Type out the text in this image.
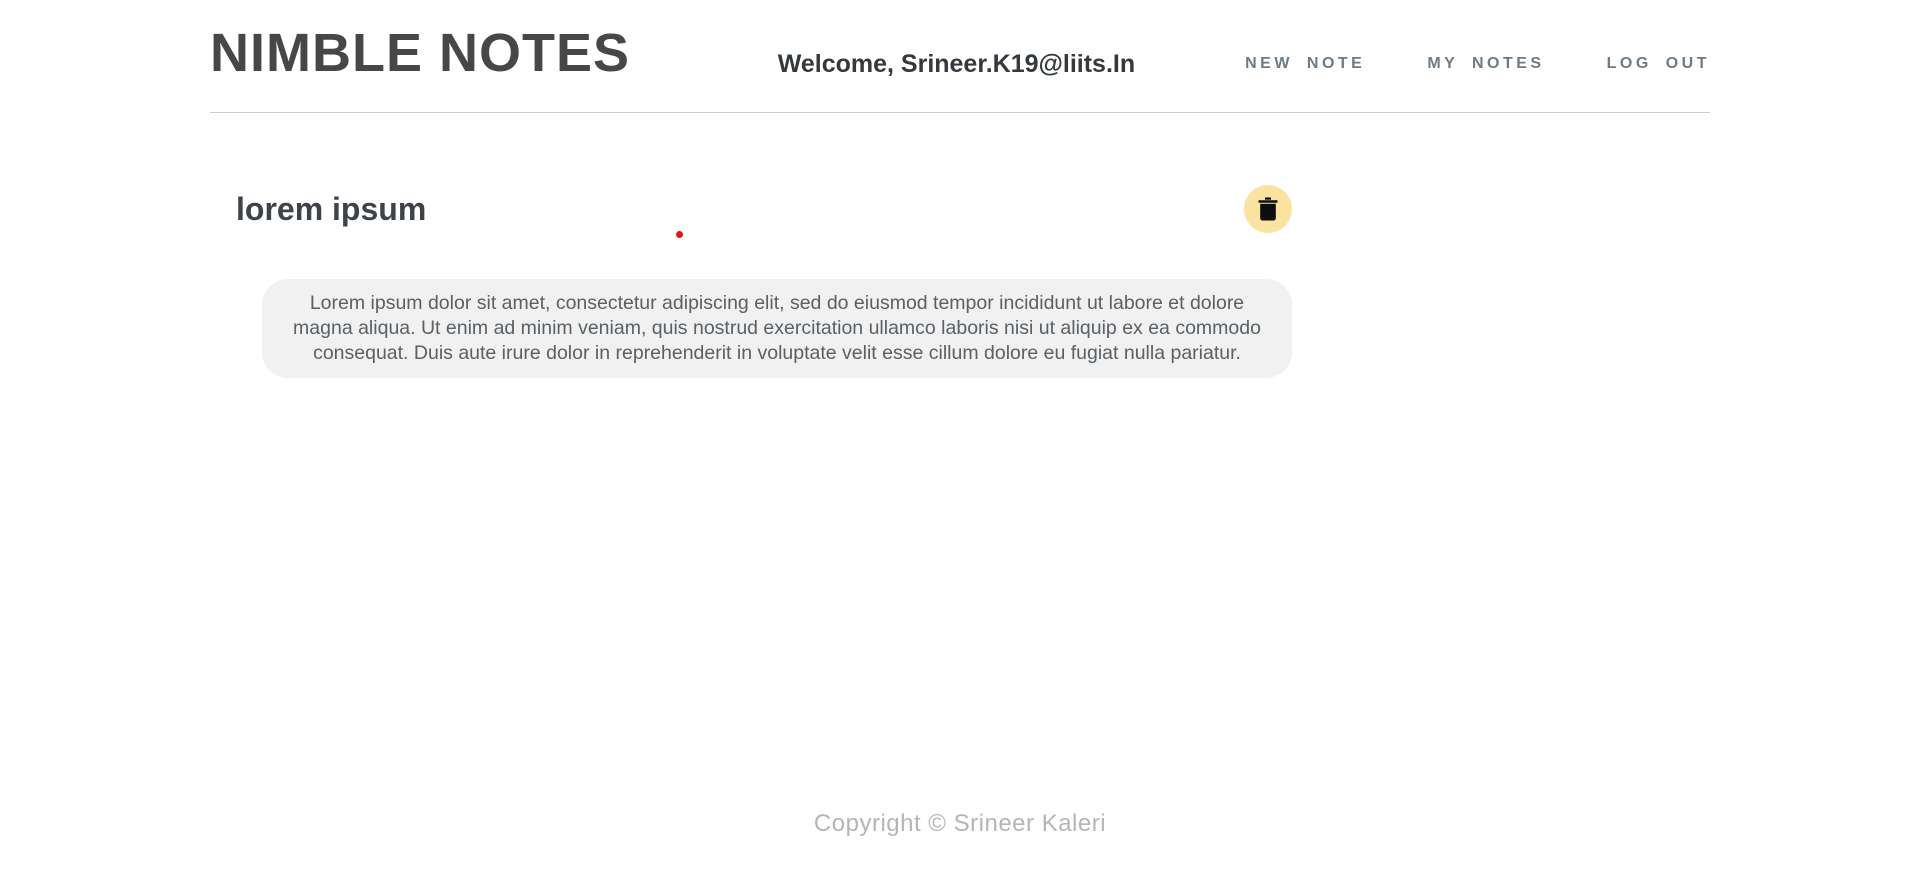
NIMBLE NOTES	Welcome, Srineer.K19@liits.In	NEW NOTE	MY NOTES	LOG OUT
lorem ipsum

Lorem ipsum dolor sit amet, consectetur adipiscing elit, sed do eiusmod tempor incididunt ut labore et dolore magna aliqua. Ut enim ad minim veniam, quis nostrud exercitation ullamco laboris nisi ut aliquip ex ea commodo consequat. Duis aute irure dolor in reprehenderit in voluptate velit esse cillum dolore eu fugiat nulla pariatur.

Copyright © Srineer Kaleri
